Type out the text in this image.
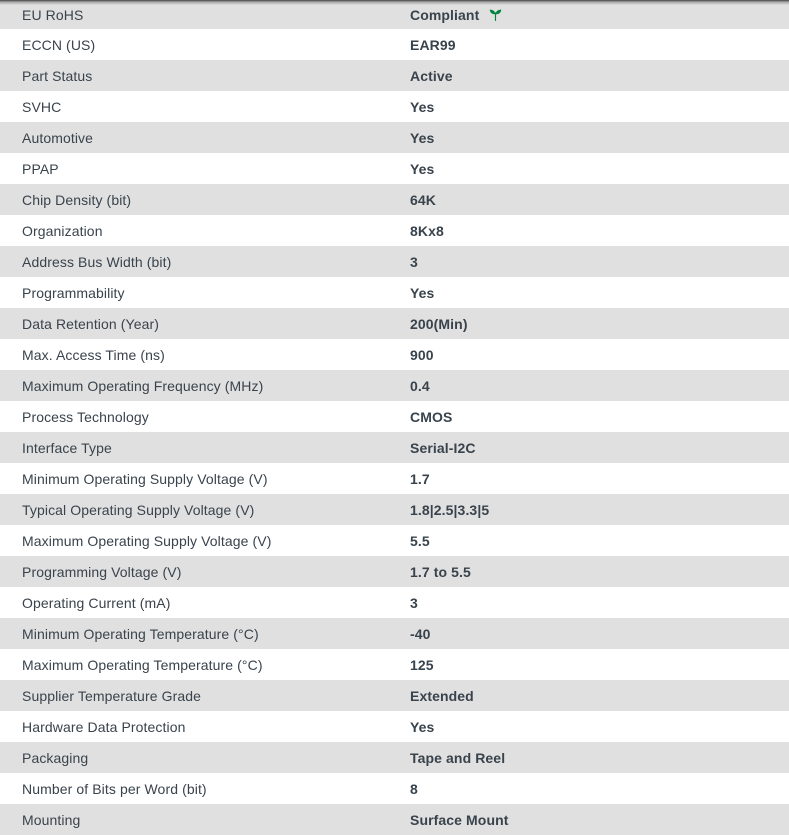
EU RoHS	Compliant
ECCN (US)	EAR99
Part Status	Active
SVHC	Yes
Automotive	Yes
PPAP	Yes
Chip Density (bit)	64K
Organization	8Kx8
Address Bus Width (bit)	3
Programmability	Yes
Data Retention (Year)	200(Min)
Max. Access Time (ns)	900
Maximum Operating Frequency (MHz)	0.4
Process Technology	CMOS
Interface Type	Serial-I2C
Minimum Operating Supply Voltage (V)	1.7
Typical Operating Supply Voltage (V)	1.8|2.5|3.3|5
Maximum Operating Supply Voltage (V)	5.5
Programming Voltage (V)	1.7 to 5.5
Operating Current (mA)	3
Minimum Operating Temperature (°C)	-40
Maximum Operating Temperature (°C)	125
Supplier Temperature Grade	Extended
Hardware Data Protection	Yes
Packaging	Tape and Reel
Number of Bits per Word (bit)	8
Mounting	Surface Mount
